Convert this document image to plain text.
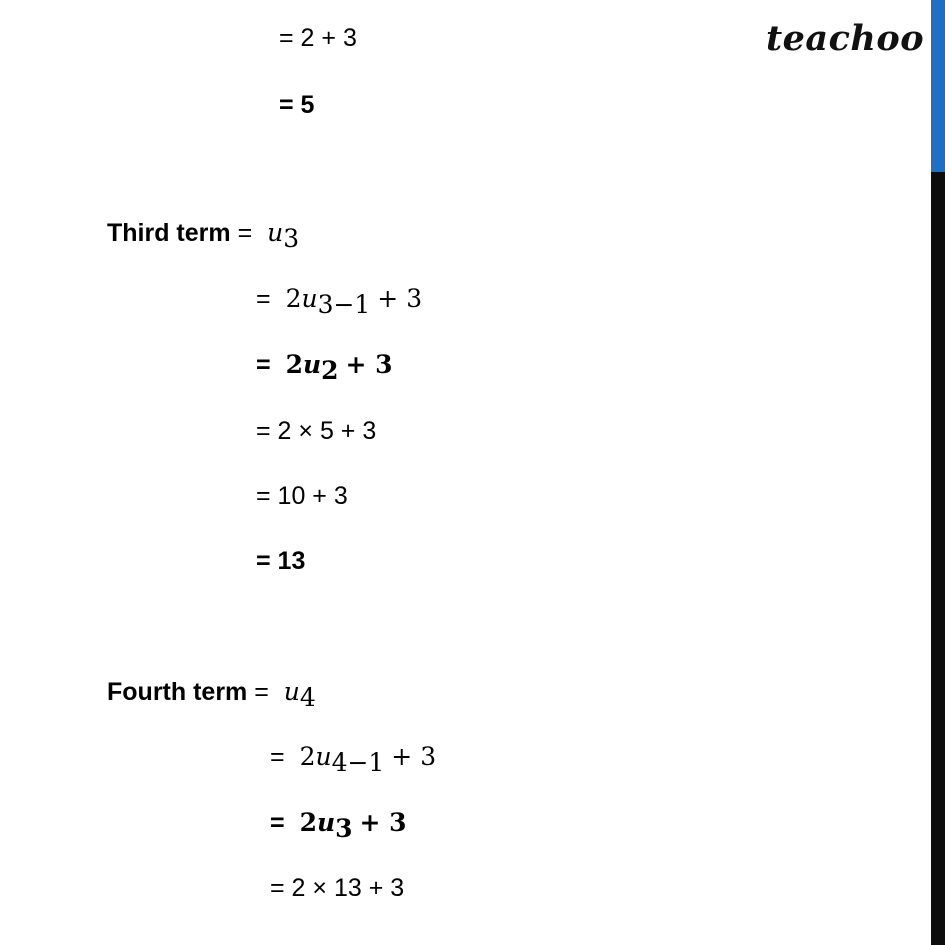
teachoo
= 2 + 3
= 5
Third term = $u_3$
= $2u_{3-1} + 3$
= $2u_2 + 3$
= 2 × 5 + 3
= 10 + 3
= 13
Fourth term = $u_4$
= $2u_{4-1} + 3$
= $2u_3 + 3$
= 2 × 13 + 3
